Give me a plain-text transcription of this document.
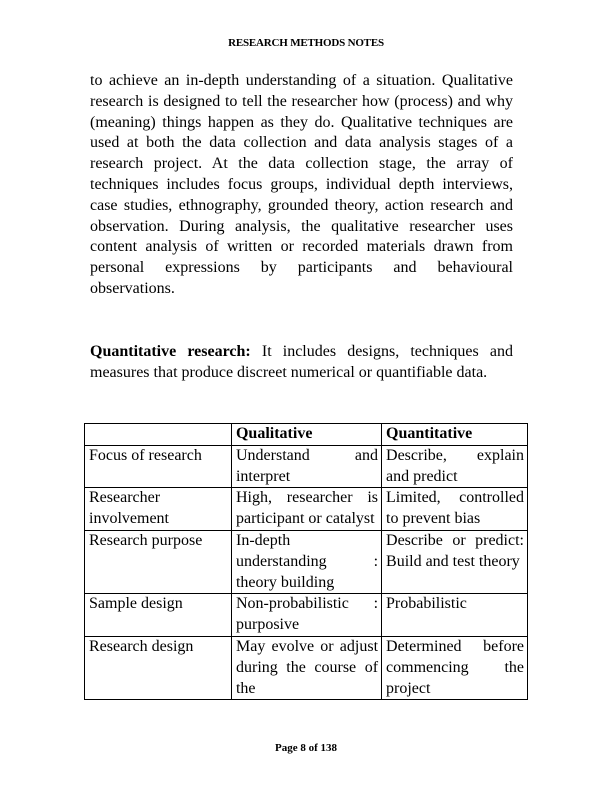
RESEARCH METHODS NOTES
to achieve an in-depth understanding of a situation. Qualitative research is designed to tell the researcher how (process) and why (meaning) things happen as they do. Qualitative techniques are used at both the data collection and data analysis stages of a research project. At the data collection stage, the array of techniques includes focus groups, individual depth interviews, case studies, ethnography, grounded theory, action research and observation. During analysis, the qualitative researcher uses content analysis of written or recorded materials drawn from personal expressions by participants and behavioural observations.
Quantitative research: It includes designs, techniques and measures that produce discreet numerical or quantifiable data.
	Qualitative	Quantitative
Focus of research	Understand and interpret	Describe, explain and predict
Researcher involvement	High, researcher is participant or catalyst	Limited, controlled to prevent bias
Research purpose	In-depth understanding : theory building	Describe or predict: Build and test theory
Sample design	Non-probabilistic : purposive	Probabilistic
Research design	May evolve or adjust during the course of the	Determined before commencing the project
Page 8 of 138
